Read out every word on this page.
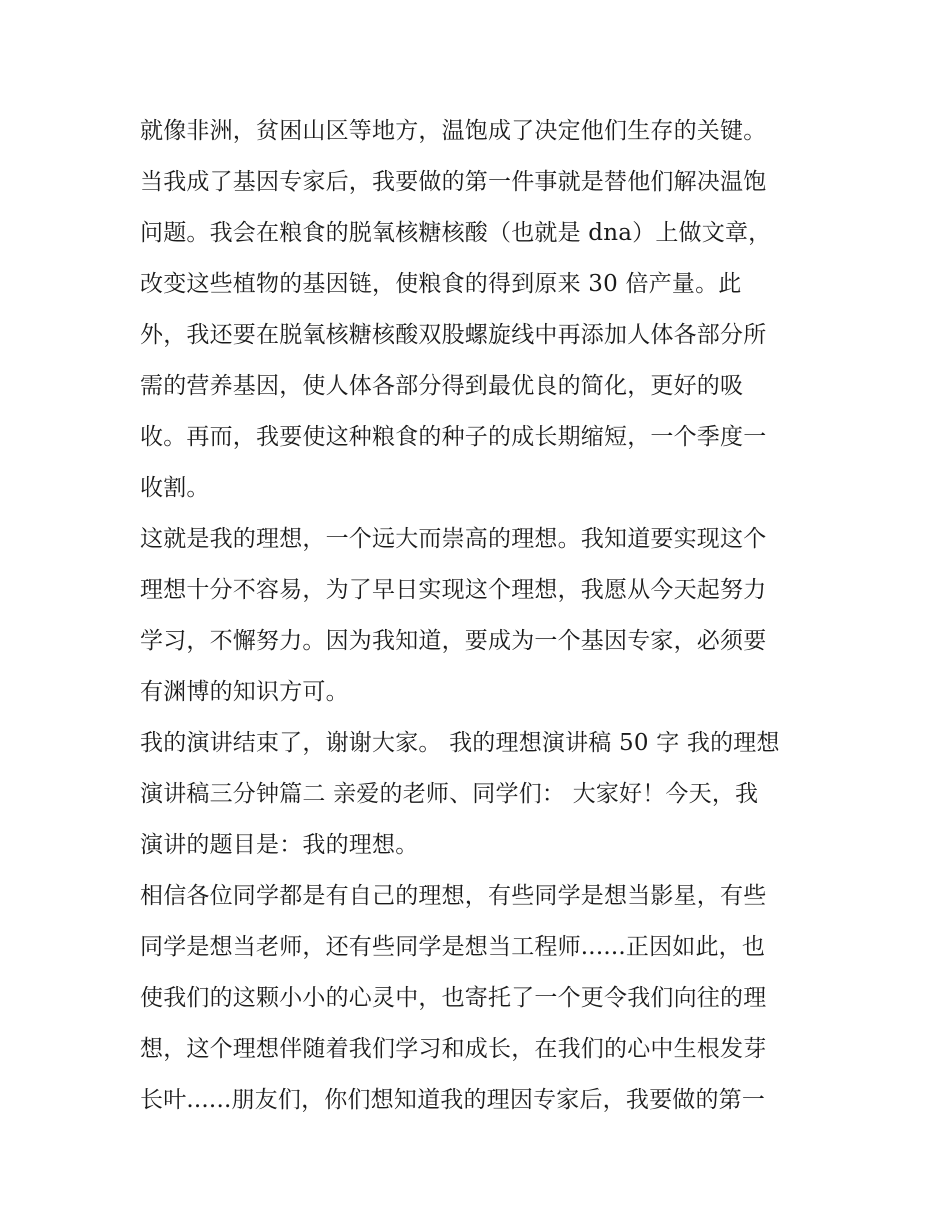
就像非洲，贫困山区等地方，温饱成了决定他们生存的关键。
当我成了基因专家后，我要做的第一件事就是替他们解决温饱
问题。我会在粮食的脱氧核糖核酸（也就是 dna）上做文章，
改变这些植物的基因链，使粮食的得到原来 30 倍产量。此
外，我还要在脱氧核糖核酸双股螺旋线中再添加人体各部分所
需的营养基因，使人体各部分得到最优良的简化，更好的吸
收。再而，我要使这种粮食的种子的成长期缩短，一个季度一
收割。
这就是我的理想，一个远大而崇高的理想。我知道要实现这个
理想十分不容易，为了早日实现这个理想，我愿从今天起努力
学习，不懈努力。因为我知道，要成为一个基因专家，必须要
有渊博的知识方可。
我的演讲结束了，谢谢大家。 我的理想演讲稿 50 字 我的理想
演讲稿三分钟篇二 亲爱的老师、同学们： 大家好！今天，我
演讲的题目是：我的理想。
相信各位同学都是有自己的理想，有些同学是想当影星，有些
同学是想当老师，还有些同学是想当工程师......正因如此，也
使我们的这颗小小的心灵中，也寄托了一个更令我们向往的理
想，这个理想伴随着我们学习和成长，在我们的心中生根发芽
长叶......朋友们，你们想知道我的理因专家后，我要做的第一
